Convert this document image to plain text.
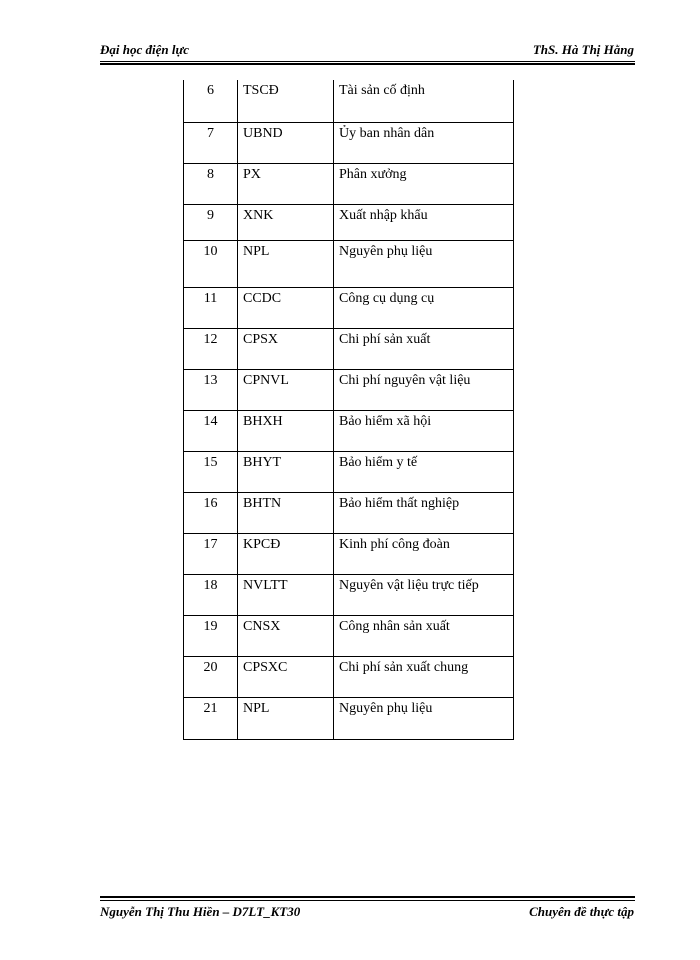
Đại học điện lực	ThS. Hà Thị Hằng
6	TSCĐ	Tài sản cố định
7	UBND	Ủy ban nhân dân
8	PX	Phân xưởng
9	XNK	Xuất nhập khẩu
10	NPL	Nguyên phụ liệu
11	CCDC	Công cụ dụng cụ
12	CPSX	Chi phí sản xuất
13	CPNVL	Chi phí nguyên vật liệu
14	BHXH	Bảo hiểm xã hội
15	BHYT	Bảo hiểm y tế
16	BHTN	Bảo hiểm thất nghiệp
17	KPCĐ	Kinh phí công đoàn
18	NVLTT	Nguyên vật liệu trực tiếp
19	CNSX	Công nhân sản xuất
20	CPSXC	Chi phí sản xuất chung
21	NPL	Nguyên phụ liệu
Nguyễn Thị Thu Hiền – D7LT_KT30	Chuyên đề thực tập
